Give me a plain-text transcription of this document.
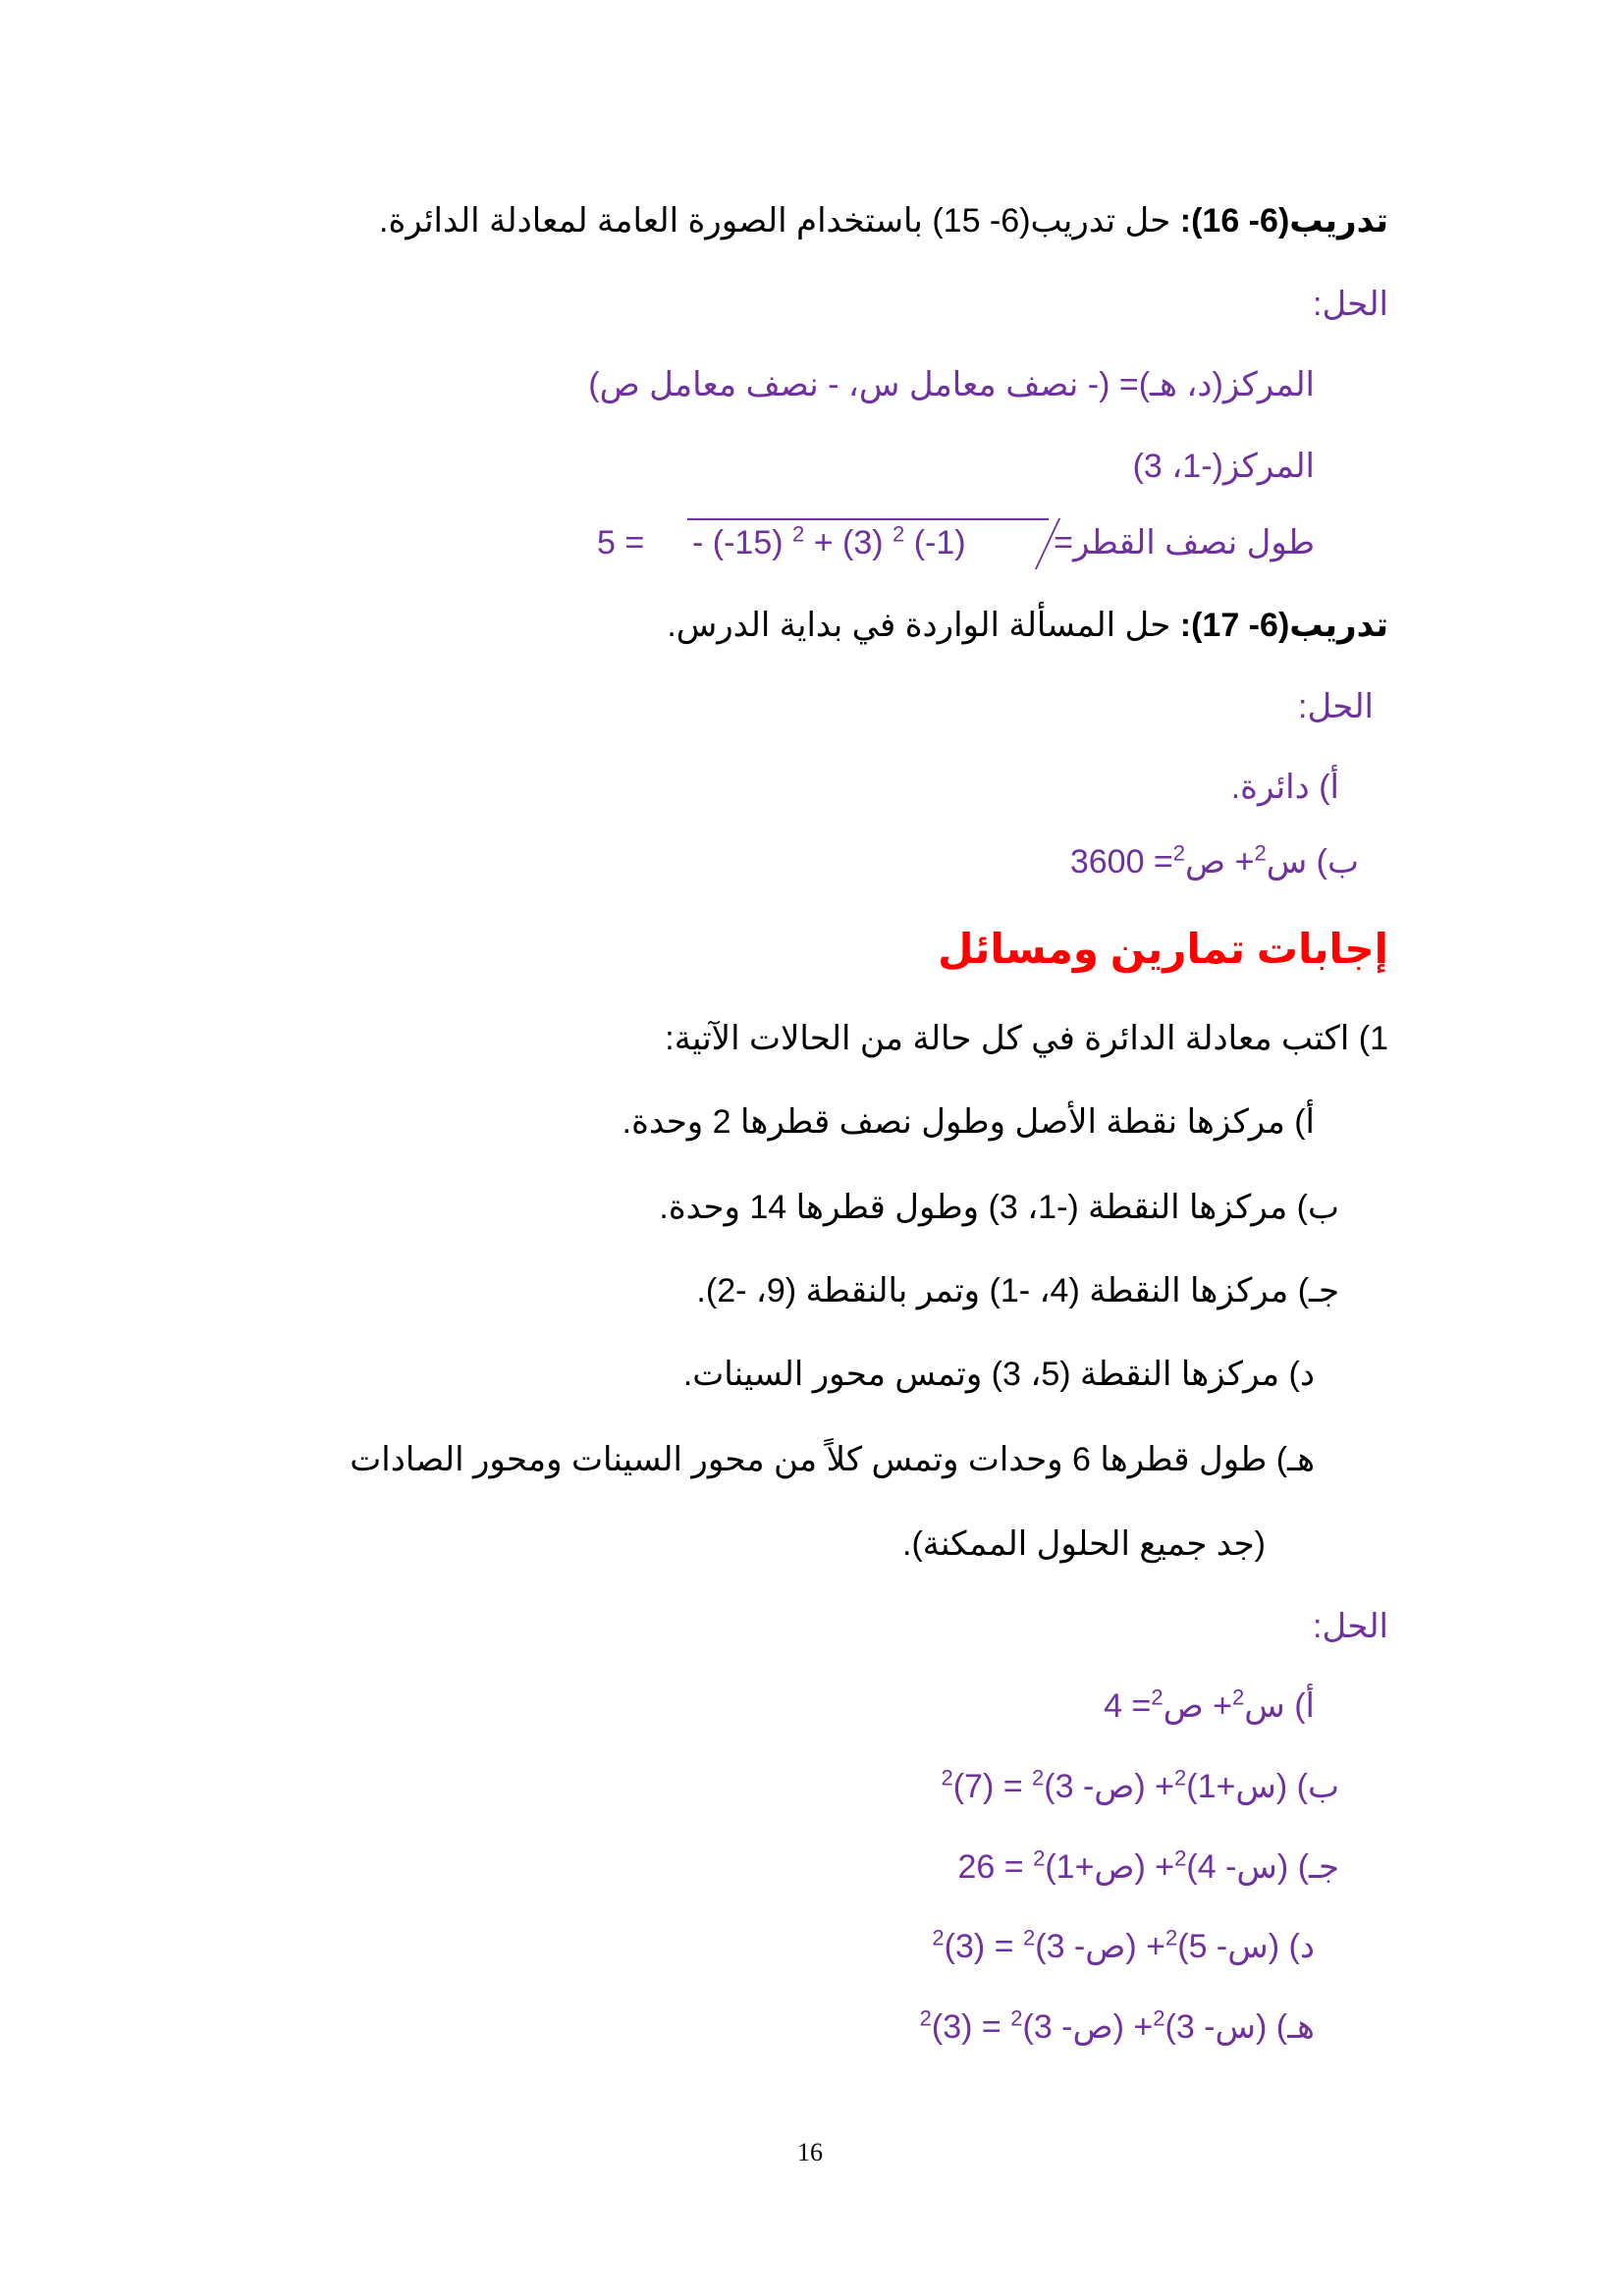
تدريب(6- 16): حل تدريب(6- 15) باستخدام الصورة العامة لمعادلة الدائرة.
الحل:
المركز(د، هـ)= (- نصف معامل س، - نصف معامل ص)
المركز(-1، 3)
طول نصف القطر=
- (-15) $^2$ + (3) $^2$ (-1)
5 =
تدريب(6- 17): حل المسألة الواردة في بداية الدرس.
الحل:
أ) دائرة.
ب) س$^2$+ ص$^2$= 3600
إجابات تمارين ومسائل
1) اكتب معادلة الدائرة في كل حالة من الحالات الآتية:
أ) مركزها نقطة الأصل وطول نصف قطرها 2 وحدة.
ب) مركزها النقطة (-1، 3) وطول قطرها 14 وحدة.
جـ) مركزها النقطة (4، -1) وتمر بالنقطة (9، -2).
د) مركزها النقطة (5، 3) وتمس محور السينات.
هـ) طول قطرها 6 وحدات وتمس كلاً من محور السينات ومحور الصادات
(جد جميع الحلول الممكنة).
الحل:
أ) س$^2$+ ص$^2$= 4
ب) (س+1)$^2$+ (ص- $3)^2 = (7)^2$
جـ) (س- 4)$^2$+ (ص+1)$^2$ = 26
د) (س- 5)$^2$+ (ص- $3)^2 = (3)^2$
هـ) (س- 3)$^2$+ (ص- $3)^2 = (3)^2$
16
